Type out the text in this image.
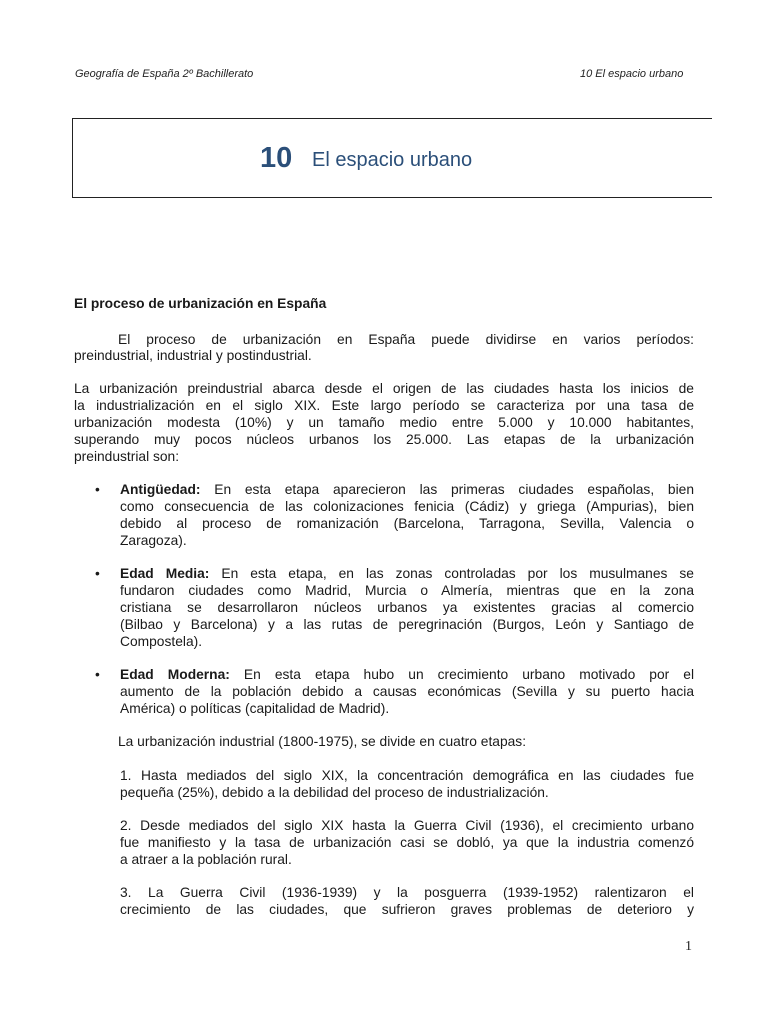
Geografía de España 2º Bachillerato	10 El espacio urbano
10 El espacio urbano
El proceso de urbanización en España
El proceso de urbanización en España puede dividirse en varios períodos:
preindustrial, industrial y postindustrial.
La urbanización preindustrial abarca desde el origen de las ciudades hasta los inicios de
la industrialización en el siglo XIX. Este largo período se caracteriza por una tasa de
urbanización modesta (10%) y un tamaño medio entre 5.000 y 10.000 habitantes,
superando muy pocos núcleos urbanos los 25.000. Las etapas de la urbanización
preindustrial son:
•	Antigüedad: En esta etapa aparecieron las primeras ciudades españolas, bien
como consecuencia de las colonizaciones fenicia (Cádiz) y griega (Ampurias), bien
debido al proceso de romanización (Barcelona, Tarragona, Sevilla, Valencia o
Zaragoza).
•	Edad Media: En esta etapa, en las zonas controladas por los musulmanes se
fundaron ciudades como Madrid, Murcia o Almería, mientras que en la zona
cristiana se desarrollaron núcleos urbanos ya existentes gracias al comercio
(Bilbao y Barcelona) y a las rutas de peregrinación (Burgos, León y Santiago de
Compostela).
•	Edad Moderna: En esta etapa hubo un crecimiento urbano motivado por el
aumento de la población debido a causas económicas (Sevilla y su puerto hacia
América) o políticas (capitalidad de Madrid).
La urbanización industrial (1800-1975), se divide en cuatro etapas:
1. Hasta mediados del siglo XIX, la concentración demográfica en las ciudades fue
pequeña (25%), debido a la debilidad del proceso de industrialización.
2. Desde mediados del siglo XIX hasta la Guerra Civil (1936), el crecimiento urbano
fue manifiesto y la tasa de urbanización casi se dobló, ya que la industria comenzó
a atraer a la población rural.
3. La Guerra Civil (1936-1939) y la posguerra (1939-1952) ralentizaron el
crecimiento de las ciudades, que sufrieron graves problemas de deterioro y
1
